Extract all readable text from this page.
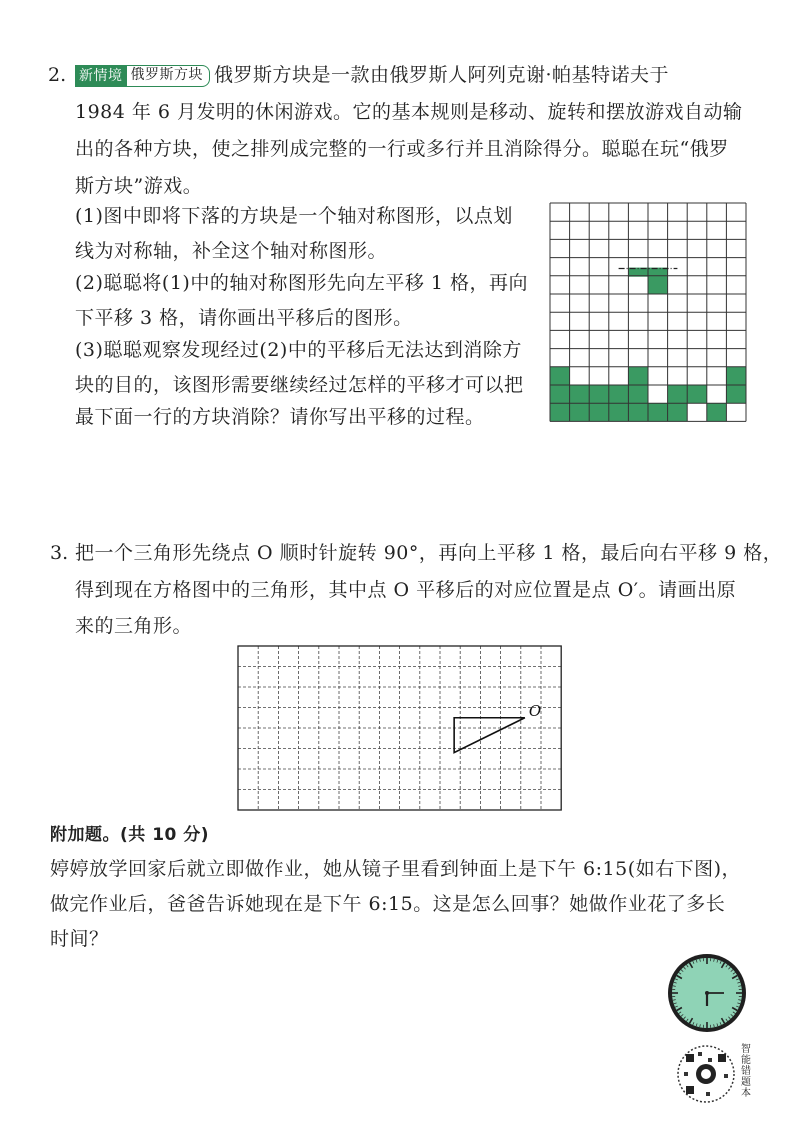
2. 新情境 俄罗斯方块 俄罗斯方块是一款由俄罗斯人阿列克谢·帕基特诺夫于
1984 年 6 月发明的休闲游戏。它的基本规则是移动、旋转和摆放游戏自动输
出的各种方块，使之排列成完整的一行或多行并且消除得分。聪聪在玩“俄罗
斯方块”游戏。
(1)图中即将下落的方块是一个轴对称图形，以点划
线为对称轴，补全这个轴对称图形。
(2)聪聪将(1)中的轴对称图形先向左平移 1 格，再向
下平移 3 格，请你画出平移后的图形。
(3)聪聪观察发现经过(2)中的平移后无法达到消除方
块的目的，该图形需要继续经过怎样的平移才可以把
最下面一行的方块消除？请你写出平移的过程。
3. 把一个三角形先绕点 O 顺时针旋转 90°，再向上平移 1 格，最后向右平移 9 格，
得到现在方格图中的三角形，其中点 O 平移后的对应位置是点 O′。请画出原
来的三角形。
O
附加题。(共 10 分)
婷婷放学回家后就立即做作业，她从镜子里看到钟面上是下午 6:15(如右下图)，
做完作业后，爸爸告诉她现在是下午 6:15。这是怎么回事？她做作业花了多长
时间？
智能错题本
